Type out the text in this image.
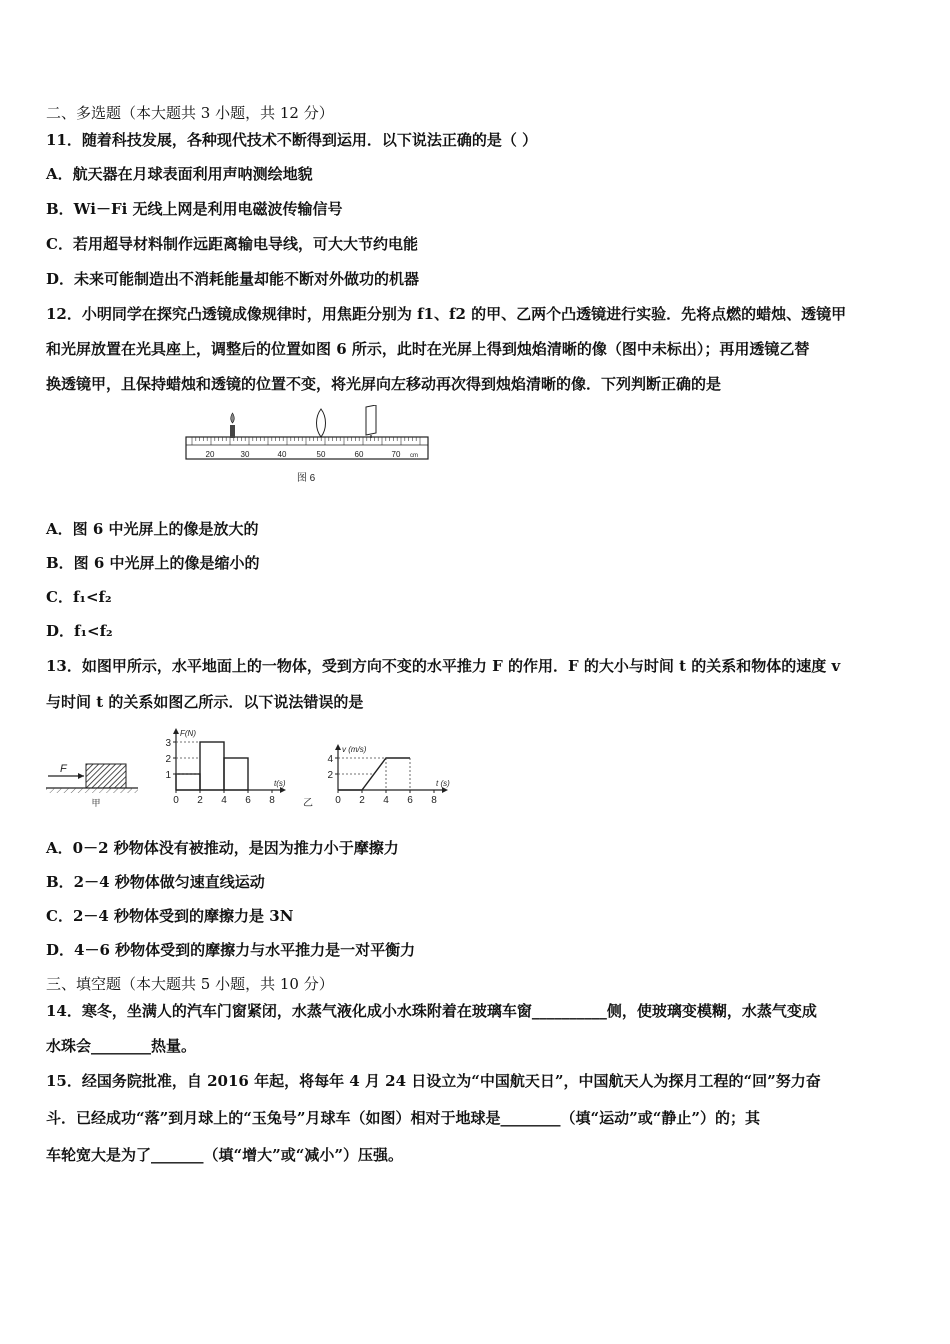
二、多选题（本大题共 3 小题，共 12 分）
11．随着科技发展，各种现代技术不断得到运用．以下说法正确的是（ ）
A．航天器在月球表面利用声呐测绘地貌
B．Wi－Fi 无线上网是利用电磁波传输信号
C．若用超导材料制作远距离输电导线，可大大节约电能
D．未来可能制造出不消耗能量却能不断对外做功的机器
12．小明同学在探究凸透镜成像规律时，用焦距分别为 f1、f2 的甲、乙两个凸透镜进行实验．先将点燃的蜡烛、透镜甲
和光屏放置在光具座上，调整后的位置如图 6 所示，此时在光屏上得到烛焰清晰的像（图中未标出）；再用透镜乙替
换透镜甲，且保持蜡烛和透镜的位置不变，将光屏向左移动再次得到烛焰清晰的像．下列判断正确的是
20	30	40	50	60	70 cm
图 6
A．图 6 中光屏上的像是放大的
B．图 6 中光屏上的像是缩小的
C．f₁<f₂
D．f₁<f₂
13．如图甲所示，水平地面上的一物体，受到方向不变的水平推力 F 的作用．F 的大小与时间 t 的关系和物体的速度 v
与时间 t 的关系如图乙所示．以下说法错误的是
F
甲	0 2 4 6 8
1
2
3
F(N)
t(s)
乙 0 2 4 6 8
2
4
v (m/s)
t (s)
A．0－2 秒物体没有被推动，是因为推力小于摩擦力
B．2－4 秒物体做匀速直线运动
C．2－4 秒物体受到的摩擦力是 3N
D．4－6 秒物体受到的摩擦力与水平推力是一对平衡力
三、填空题（本大题共 5 小题，共 10 分）
14．寒冬，坐满人的汽车门窗紧闭，水蒸气液化成小水珠附着在玻璃车窗__________侧，使玻璃变模糊，水蒸气变成
水珠会________热量。
15．经国务院批准，自 2016 年起，将每年 4 月 24 日设立为“中国航天日”，中国航天人为探月工程的“回”努力奋
斗．已经成功“落”到月球上的“玉兔号”月球车（如图）相对于地球是________（填“运动”或“静止”）的；其
车轮宽大是为了_______（填“增大”或“减小”）压强。
